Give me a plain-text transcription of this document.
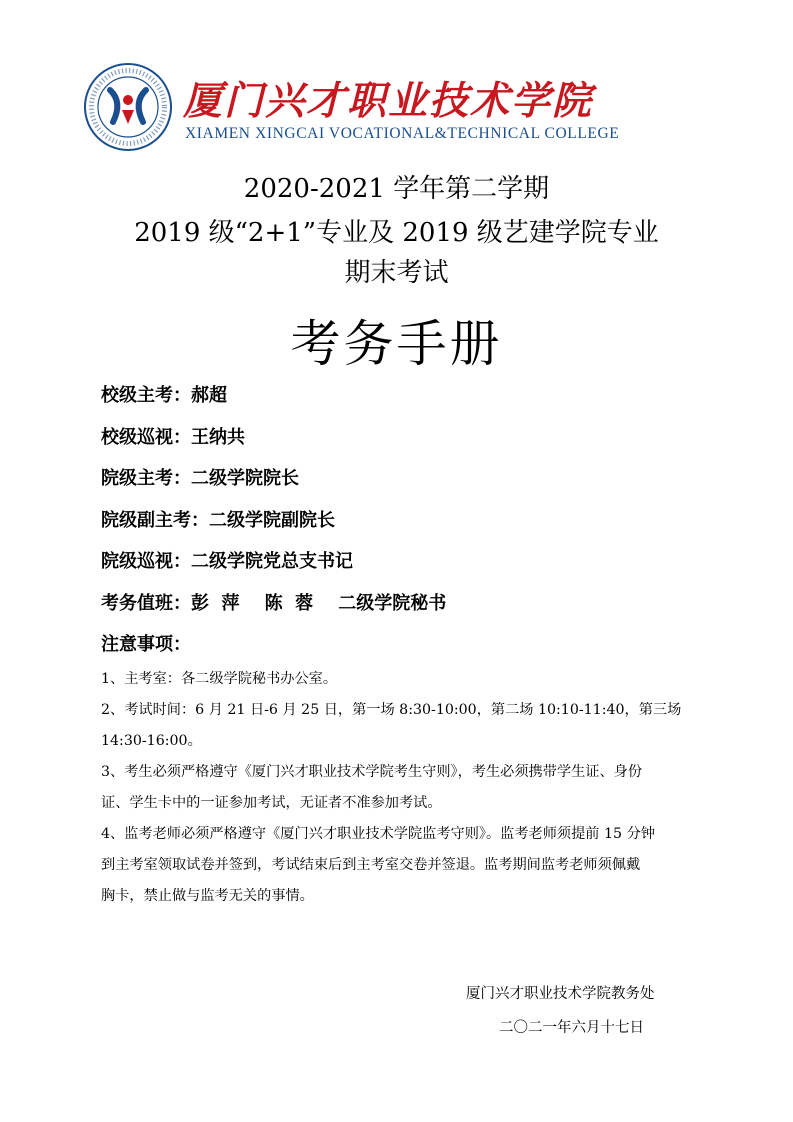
厦门兴才职业技术学院
XIAMEN XINGCAI VOCATIONAL&TECHNICAL COLLEGE
2020-2021 学年第二学期
2019 级“2+1”专业及 2019 级艺建学院专业
期末考试
考务手册
校级主考：郝超
校级巡视：王纳共
院级主考：二级学院院长
院级副主考：二级学院副院长
院级巡视：二级学院党总支书记
考务值班：彭  萍    陈  蓉    二级学院秘书
注意事项：
1、主考室：各二级学院秘书办公室。
2、考试时间：6 月 21 日-6 月 25 日，第一场 8:30-10:00，第二场 10:10-11:40，第三场
14:30-16:00。
3、考生必须严格遵守《厦门兴才职业技术学院考生守则》，考生必须携带学生证、身份
证、学生卡中的一证参加考试，无证者不准参加考试。
4、监考老师必须严格遵守《厦门兴才职业技术学院监考守则》。监考老师须提前 15 分钟
到主考室领取试卷并签到，考试结束后到主考室交卷并签退。监考期间监考老师须佩戴
胸卡，禁止做与监考无关的事情。
厦门兴才职业技术学院教务处
二〇二一年六月十七日
